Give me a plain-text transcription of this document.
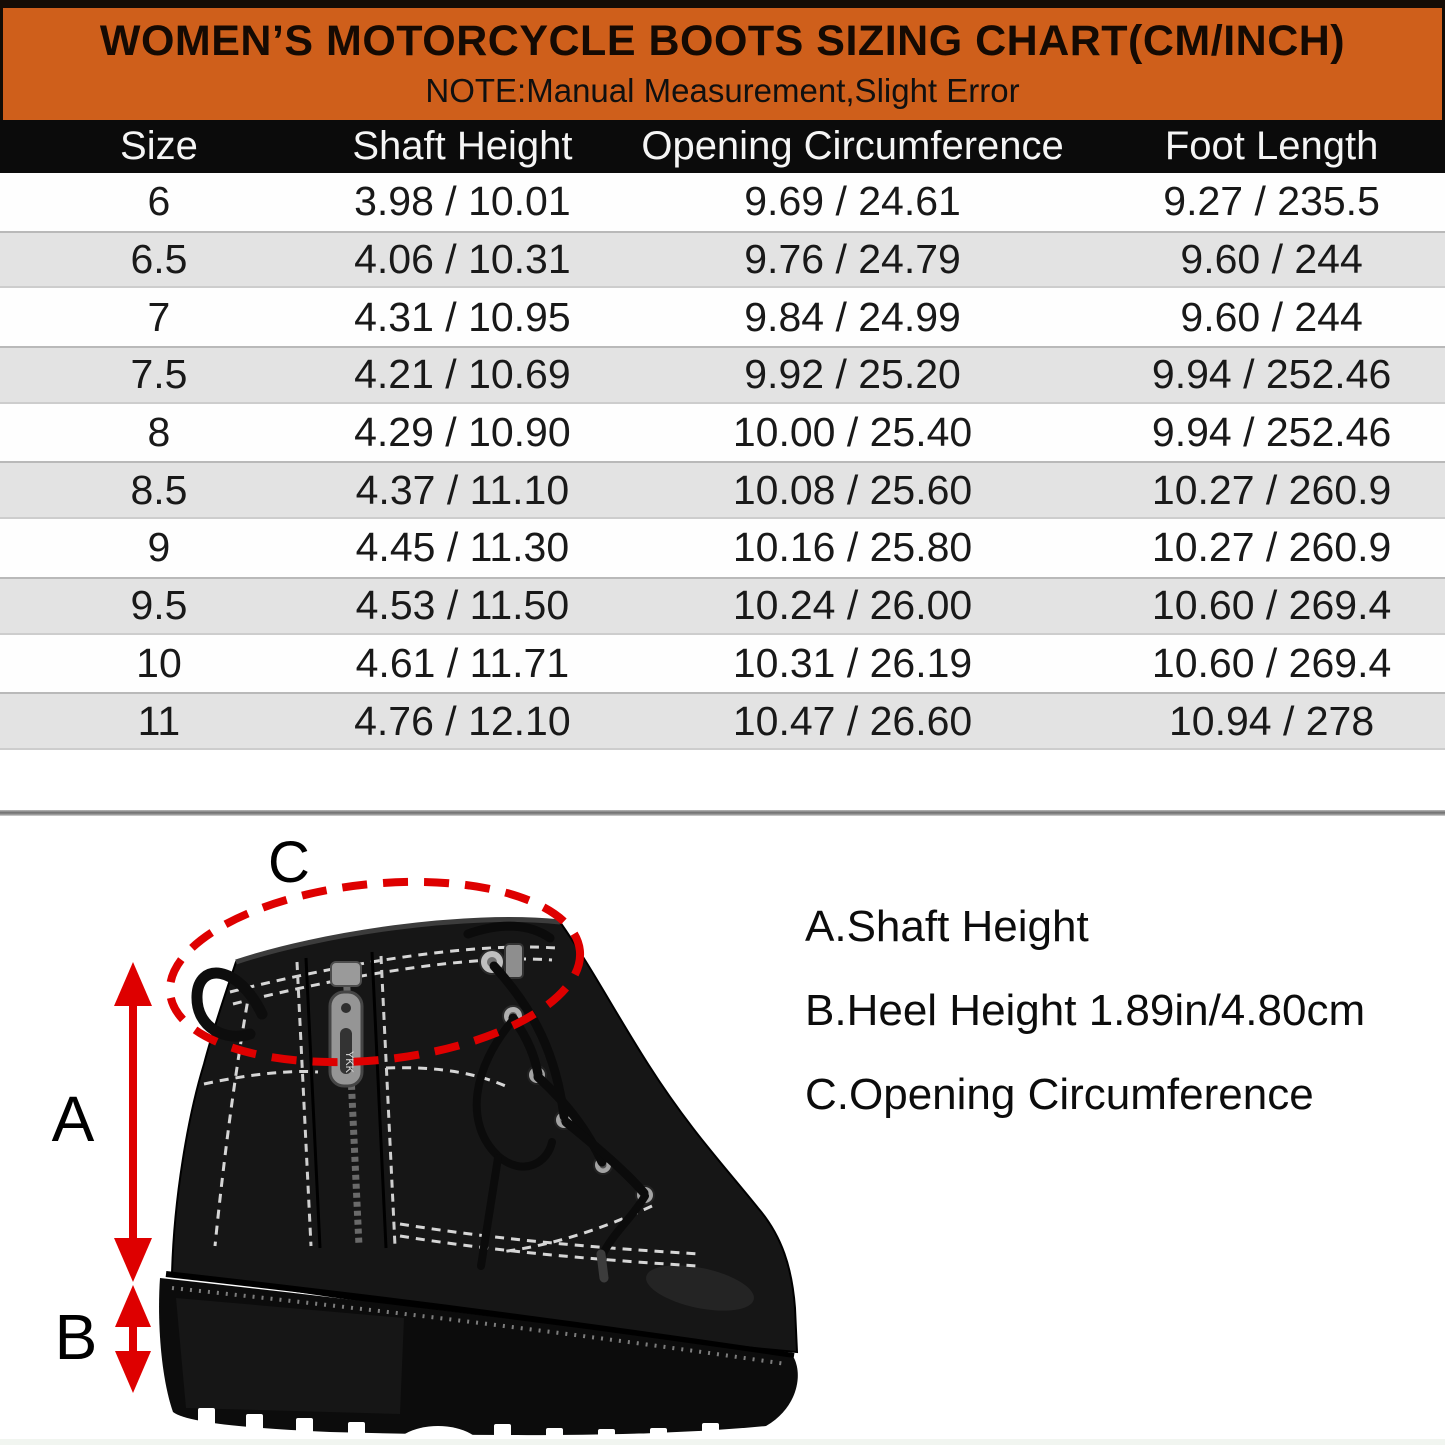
WOMEN’S MOTORCYCLE BOOTS SIZING CHART(CM/INCH)
NOTE:Manual Measurement,Slight Error
Size	Shaft Height	Opening Circumference	Foot Length
6	3.98 / 10.01	9.69 / 24.61	9.27 / 235.5
6.5	4.06 / 10.31	9.76 / 24.79	9.60 / 244
7	4.31 / 10.95	9.84 / 24.99	9.60 / 244
7.5	4.21 / 10.69	9.92 / 25.20	9.94 / 252.46
8	4.29 / 10.90	10.00 / 25.40	9.94 / 252.46
8.5	4.37 / 11.10	10.08 / 25.60	10.27 / 260.9
9	4.45 / 11.30	10.16 / 25.80	10.27 / 260.9
9.5	4.53 / 11.50	10.24 / 26.00	10.60 / 269.4
10	4.61 / 11.71	10.31 / 26.19	10.60 / 269.4
11	4.76 / 12.10	10.47 / 26.60	10.94 / 278
YKK
C
A
B
A.Shaft Height
B.Heel Height 1.89in/4.80cm
C.Opening Circumference
